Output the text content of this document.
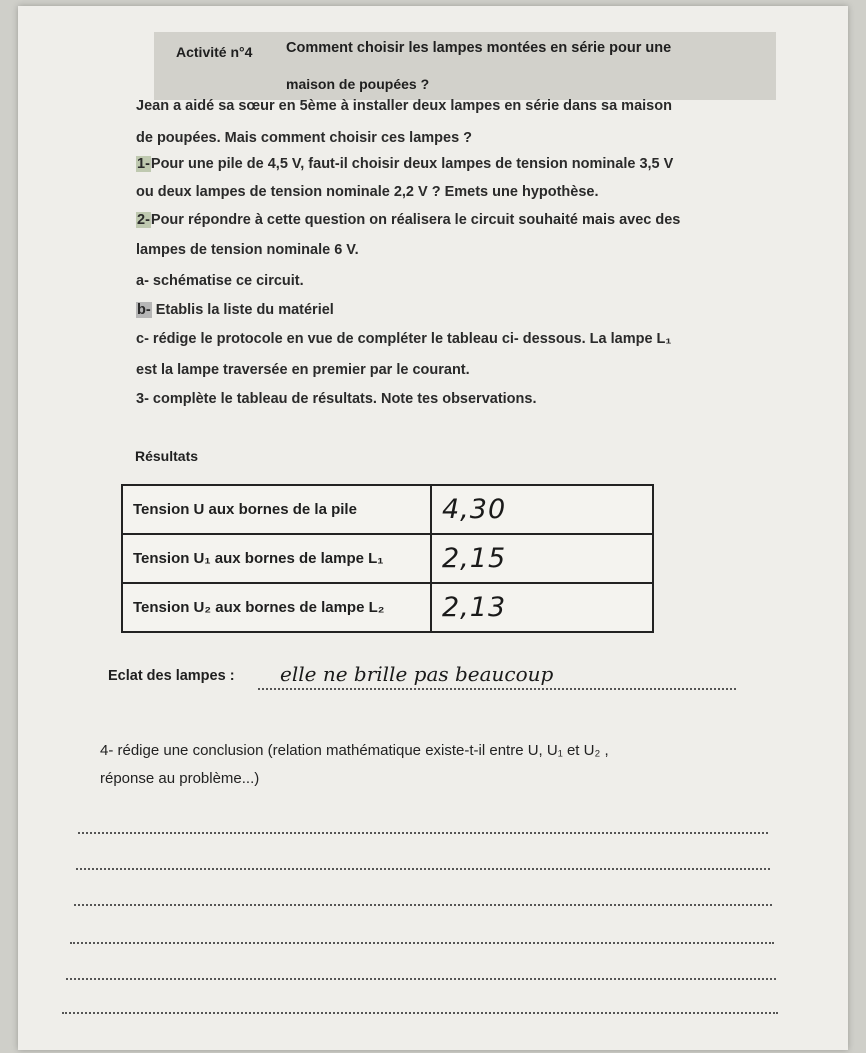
Activité n°4 Comment choisir les lampes montées en série pour une
maison de poupées ?
Jean a aidé sa sœur en 5ème à installer deux lampes en série dans sa maison
de poupées. Mais comment choisir ces lampes ?
1-Pour une pile de 4,5 V, faut-il choisir deux lampes de tension nominale 3,5 V
ou deux lampes de tension nominale 2,2 V ? Emets une hypothèse.
2-Pour répondre à cette question on réalisera le circuit souhaité mais avec des
lampes de tension nominale 6 V.
a- schématise ce circuit.
b- Etablis la liste du matériel
c- rédige le protocole en vue de compléter le tableau ci- dessous. La lampe L₁
est la lampe traversée en premier par le courant.
3- complète le tableau de résultats. Note tes observations.
Résultats
Tension U aux bornes de la pile	4,30
Tension U₁ aux bornes de lampe L₁	2,15
Tension U₂ aux bornes de lampe L₂	2,13
Eclat des lampes : elle ne brille pas beaucoup
4- rédige une conclusion (relation mathématique existe-t-il entre U, U₁ et U₂ ,
réponse au problème...)
